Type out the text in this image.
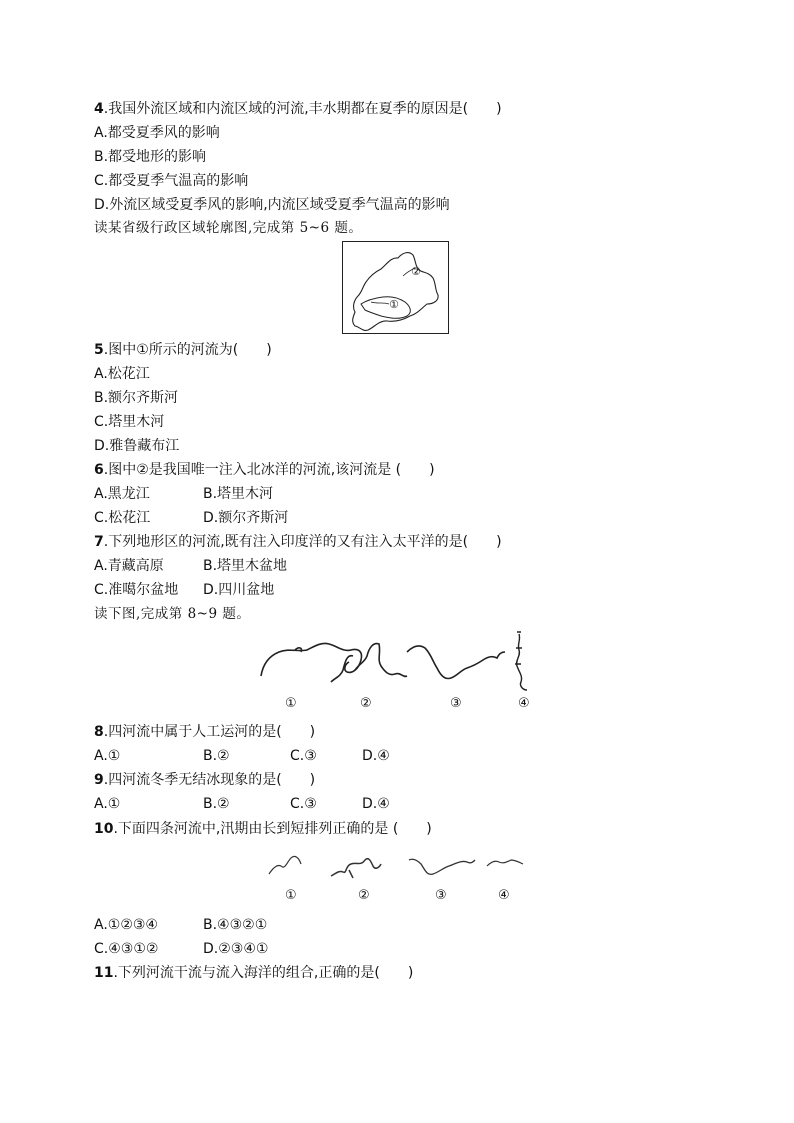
4.我国外流区域和内流区域的河流,丰水期都在夏季的原因是(　　)
A.都受夏季风的影响
B.都受地形的影响
C.都受夏季气温高的影响
D.外流区域受夏季风的影响,内流区域受夏季气温高的影响
读某省级行政区域轮廓图,完成第 5~6 题。
①
②
5.图中①所示的河流为(　　)
A.松花江
B.额尔齐斯河
C.塔里木河
D.雅鲁藏布江
6.图中②是我国唯一注入北冰洋的河流,该河流是 (　　)
A.黑龙江	B.塔里木河
C.松花江	D.额尔齐斯河
7.下列地形区的河流,既有注入印度洋的又有注入太平洋的是(　　)
A.青藏高原	B.塔里木盆地
C.准噶尔盆地 D.四川盆地
读下图,完成第 8~9 题。
①	②	③	④
8.四河流中属于人工运河的是(　　)
A.①	B.②	C.③	D.④
9.四河流冬季无结冰现象的是(　　)
A.①	B.②	C.③	D.④
10.下面四条河流中,汛期由长到短排列正确的是 (　　)
①	②	③	④
A.①②③④	B.④③②①
C.④③①②	D.②③④①
11.下列河流干流与流入海洋的组合,正确的是(　　)
